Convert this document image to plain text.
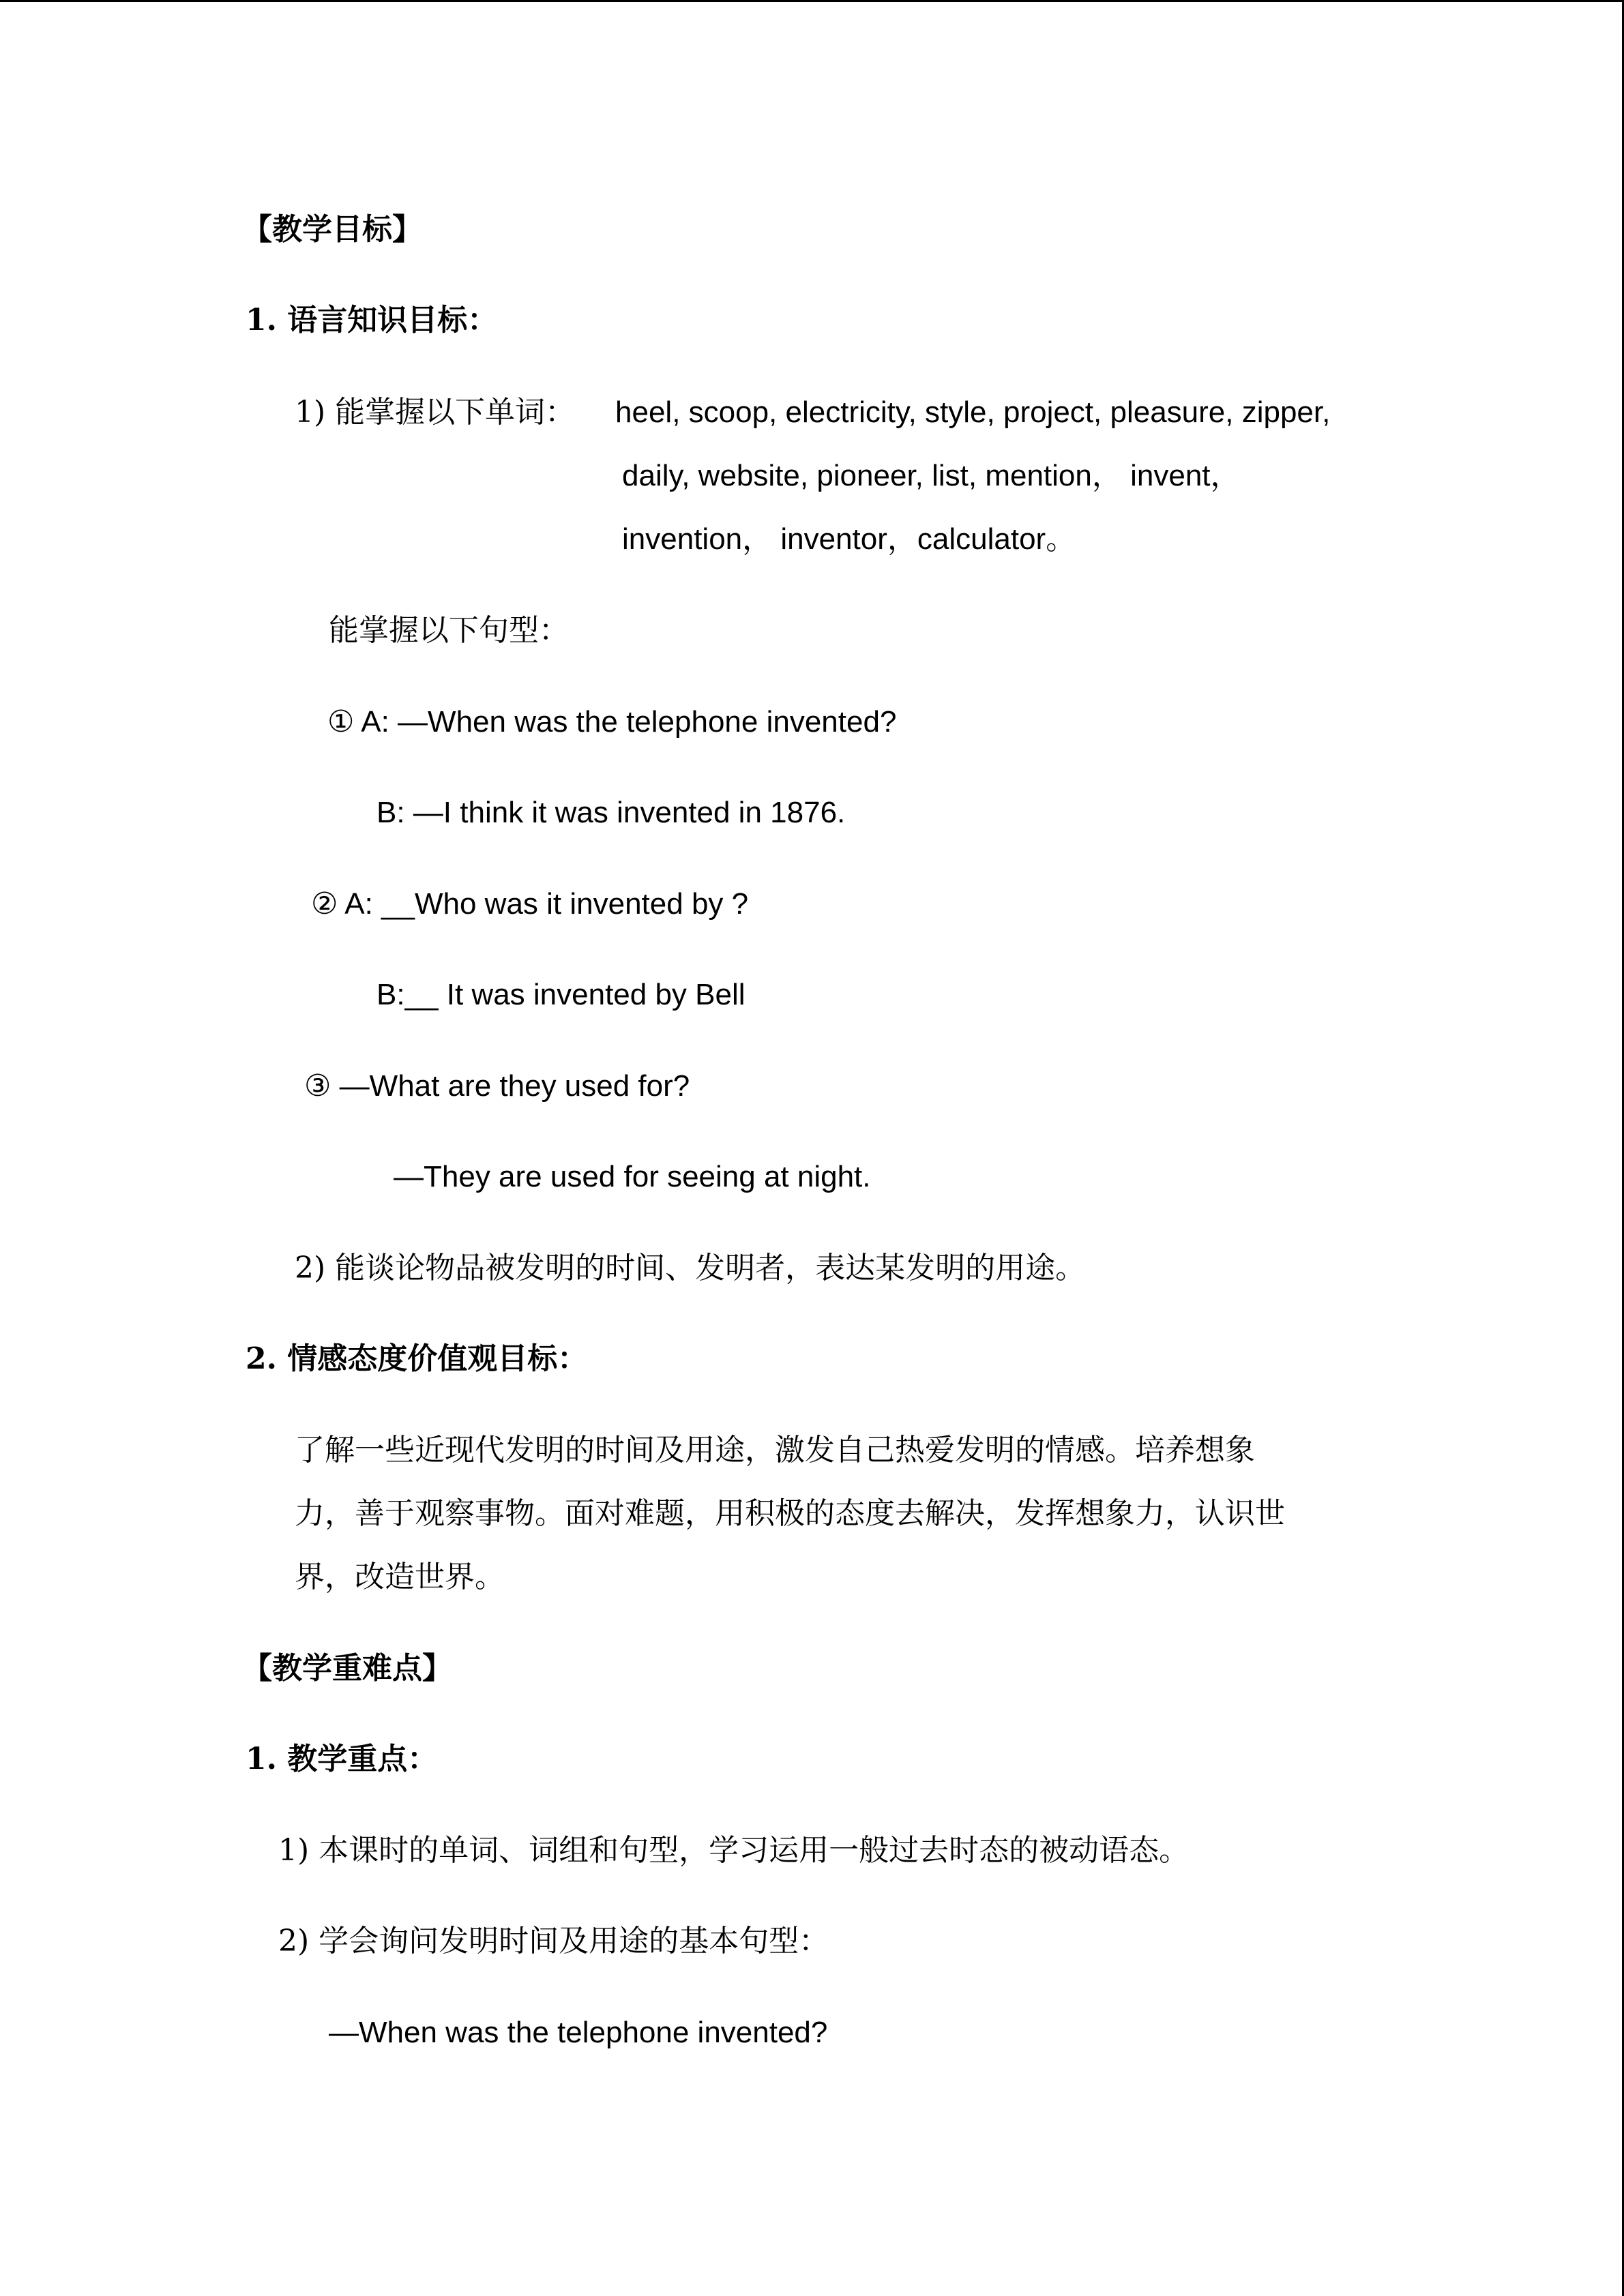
【教学目标】
1. 语言知识目标：
1) 能掌握以下单词： heel, scoop, electricity, style, project, pleasure, zipper,
daily, website, pioneer, list, mention， invent，
invention， inventor，calculator。
能掌握以下句型：
① A: —When was the telephone invented?
B: —I think it was invented in 1876.
② A: __Who was it invented by ?
B:__ It was invented by Bell
③ —What are they used for?
—They are used for seeing at night.
2) 能谈论物品被发明的时间、发明者，表达某发明的用途。
2. 情感态度价值观目标：
了解一些近现代发明的时间及用途，激发自己热爱发明的情感。培养想象
力，善于观察事物。面对难题，用积极的态度去解决，发挥想象力，认识世
界，改造世界。
【教学重难点】
1. 教学重点：
1) 本课时的单词、词组和句型，学习运用一般过去时态的被动语态。
2) 学会询问发明时间及用途的基本句型：
—When was the telephone invented?
